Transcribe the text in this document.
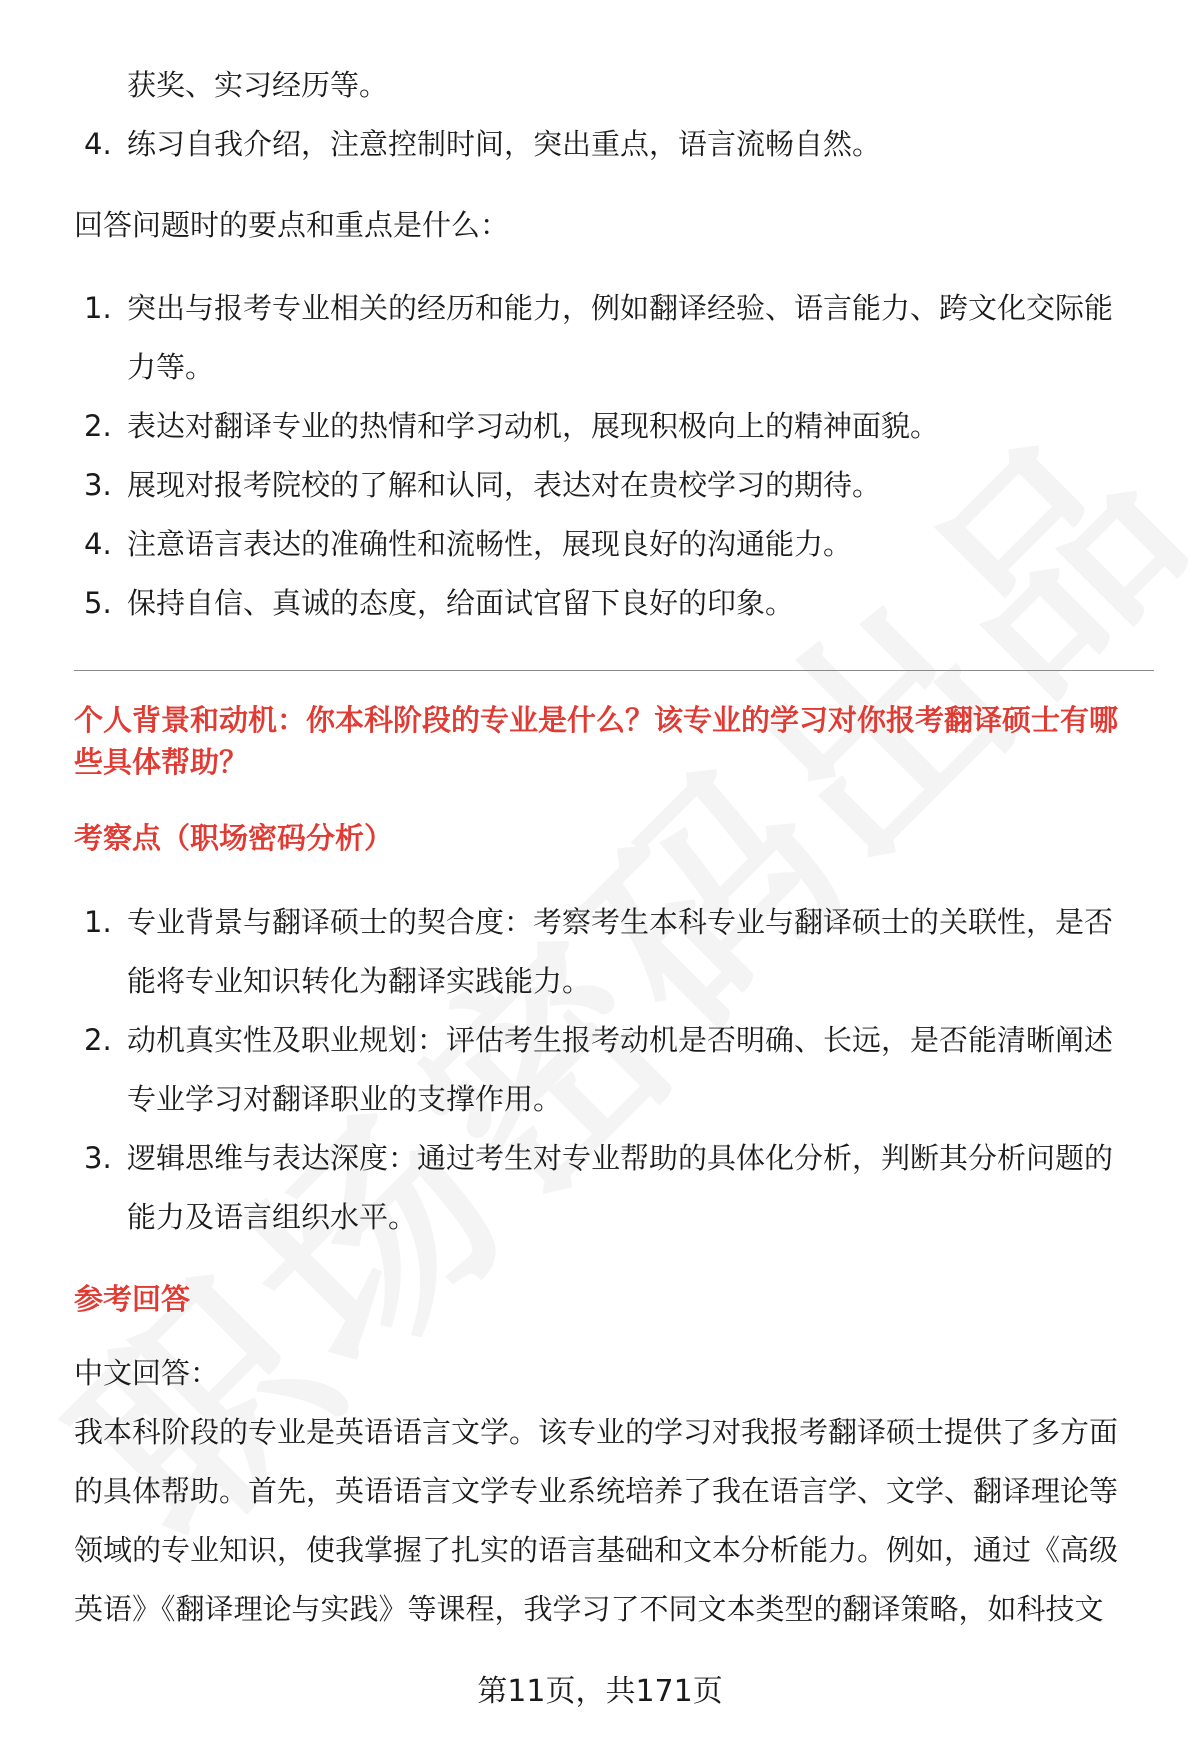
获奖、实习经历等。

4. 练习自我介绍，注意控制时间，突出重点，语言流畅自然。

回答问题时的要点和重点是什么：

1. 突出与报考专业相关的经历和能力，例如翻译经验、语言能力、跨文化交际能
力等。
2. 表达对翻译专业的热情和学习动机，展现积极向上的精神面貌。
3. 展现对报考院校的了解和认同，表达对在贵校学习的期待。
4. 注意语言表达的准确性和流畅性，展现良好的沟通能力。
5. 保持自信、真诚的态度，给面试官留下良好的印象。

个人背景和动机：你本科阶段的专业是什么？该专业的学习对你报考翻译硕士有哪
些具体帮助？

考察点（职场密码分析）

1. 专业背景与翻译硕士的契合度：考察考生本科专业与翻译硕士的关联性，是否
能将专业知识转化为翻译实践能力。
2. 动机真实性及职业规划：评估考生报考动机是否明确、长远，是否能清晰阐述
专业学习对翻译职业的支撑作用。
3. 逻辑思维与表达深度：通过考生对专业帮助的具体化分析，判断其分析问题的
能力及语言组织水平。

参考回答

中文回答：

我本科阶段的专业是英语语言文学。该专业的学习对我报考翻译硕士提供了多方面

的具体帮助。首先，英语语言文学专业系统培养了我在语言学、文学、翻译理论等

领域的专业知识，使我掌握了扎实的语言基础和文本分析能力。例如，通过《高级

英语》《翻译理论与实践》等课程，我学习了不同文本类型的翻译策略，如科技文

第11页，共171页
